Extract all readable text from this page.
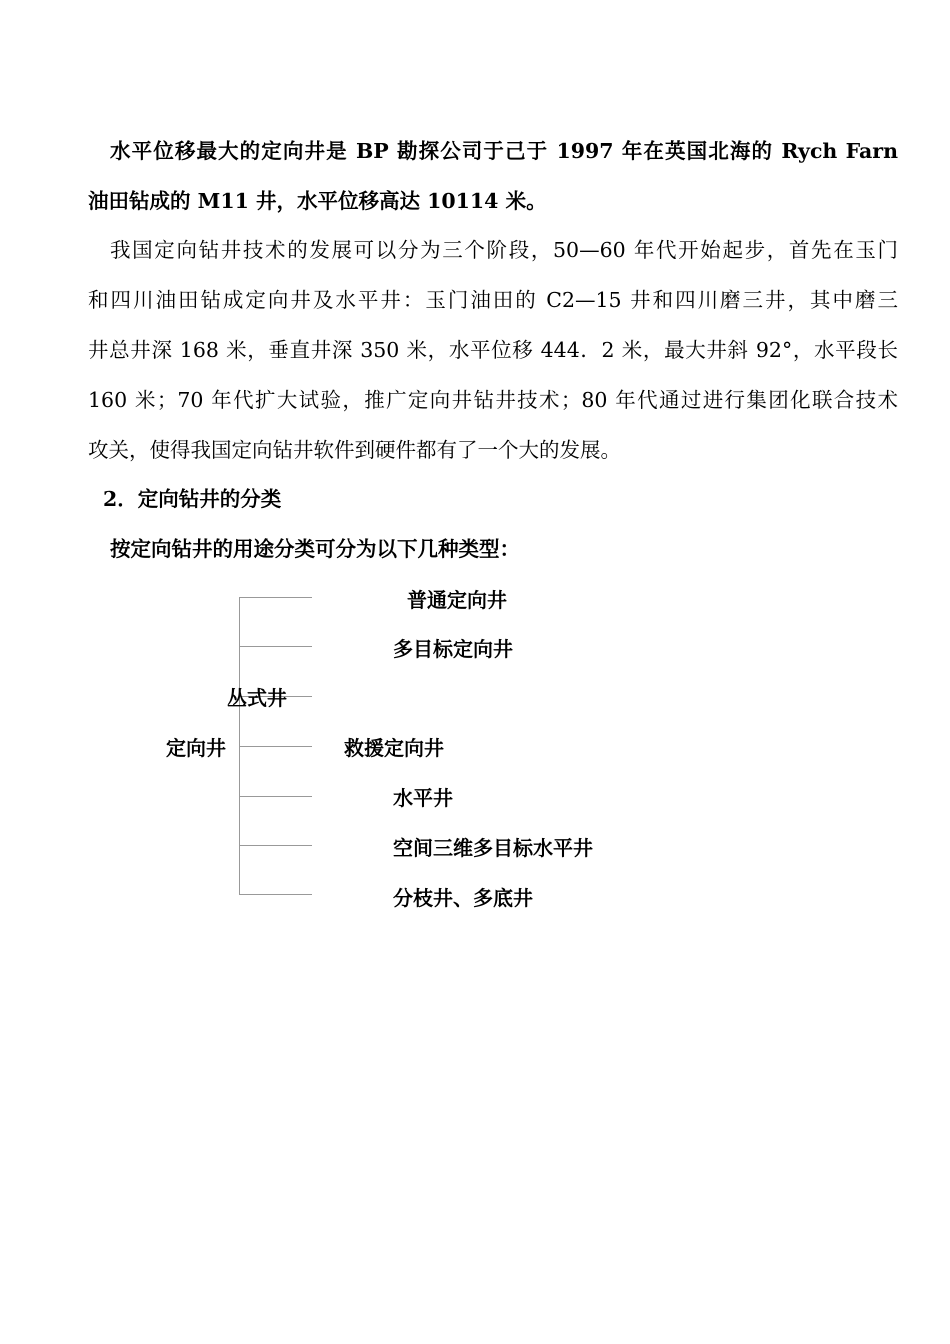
水平位移最大的定向井是 BP 勘探公司于己于 1997 年在英国北海的 Rych Farn
油田钻成的 M11 井，水平位移高达 10114 米。
我国定向钻井技术的发展可以分为三个阶段，50—60 年代开始起步，首先在玉门
和四川油田钻成定向井及水平井：玉门油田的 C2—15 井和四川磨三井，其中磨三
井总井深 168 米，垂直井深 350 米，水平位移 444．2 米，最大井斜 92°，水平段长
160 米；70 年代扩大试验，推广定向井钻井技术；80 年代通过进行集团化联合技术
攻关，使得我国定向钻井软件到硬件都有了一个大的发展。
2．定向钻井的分类
按定向钻井的用途分类可分为以下几种类型：
定向井
丛式井
普通定向井
多目标定向井
救援定向井
水平井
空间三维多目标水平井
分枝井、多底井
